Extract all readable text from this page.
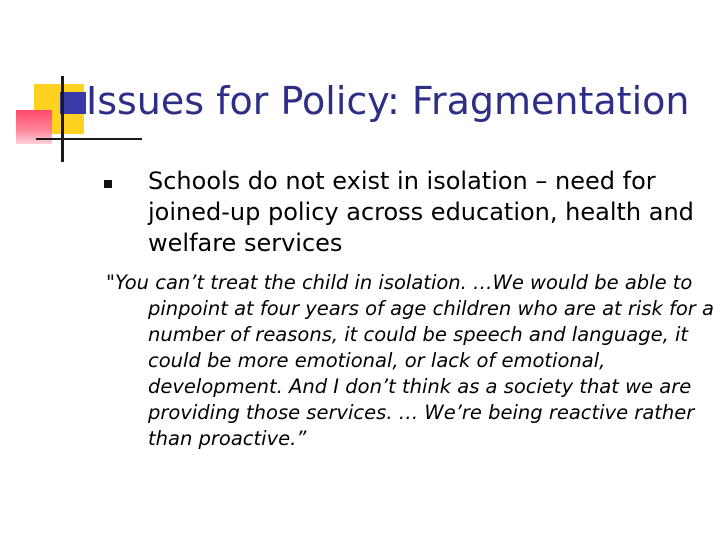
Issues for Policy: Fragmentation

Schools do not exist in isolation – need for joined-up policy across education, health and welfare services

"You can’t treat the child in isolation. …We would be able to pinpoint at four years of age children who are at risk for a number of reasons, it could be speech and language, it could be more emotional, or lack of emotional, development. And I don’t think as a society that we are providing those services. … We’re being reactive rather than proactive.”
